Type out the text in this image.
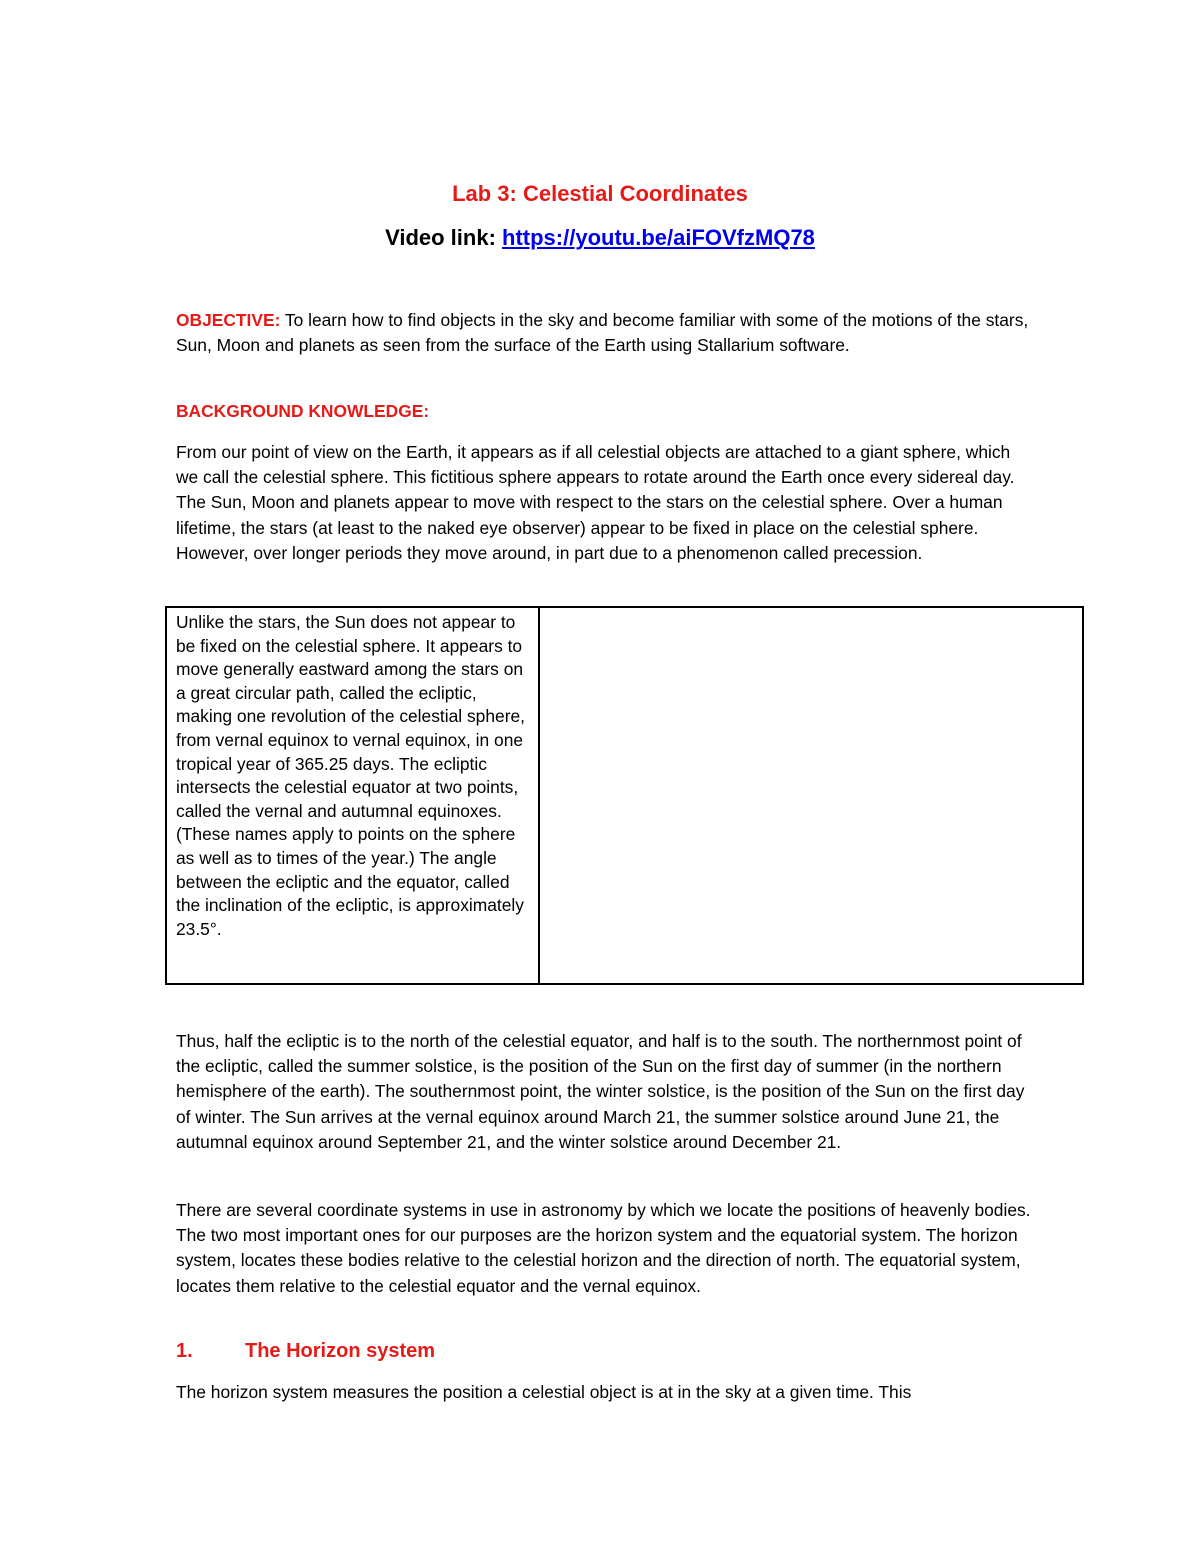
Lab 3: Celestial Coordinates
Video link: https://youtu.be/aiFOVfzMQ78
OBJECTIVE: To learn how to find objects in the sky and become familiar with some of the motions of the stars, Sun, Moon and planets as seen from the surface of the Earth using Stallarium software.
BACKGROUND KNOWLEDGE:
From our point of view on the Earth, it appears as if all celestial objects are attached to a giant sphere, which we call the celestial sphere. This fictitious sphere appears to rotate around the Earth once every sidereal day. The Sun, Moon and planets appear to move with respect to the stars on the celestial sphere. Over a human lifetime, the stars (at least to the naked eye observer) appear to be fixed in place on the celestial sphere. However, over longer periods they move around, in part due to a phenomenon called precession.
Unlike the stars, the Sun does not appear to be fixed on the celestial sphere. It appears to move generally eastward among the stars on a great circular path, called the ecliptic, making one revolution of the celestial sphere, from vernal equinox to vernal equinox, in one tropical year of 365.25 days. The ecliptic intersects the celestial equator at two points, called the vernal and autumnal equinoxes. (These names apply to points on the sphere as well as to times of the year.) The angle between the ecliptic and the equator, called the inclination of the ecliptic, is approximately 23.5°.
Thus, half the ecliptic is to the north of the celestial equator, and half is to the south. The northernmost point of the ecliptic, called the summer solstice, is the position of the Sun on the first day of summer (in the northern hemisphere of the earth). The southernmost point, the winter solstice, is the position of the Sun on the first day of winter. The Sun arrives at the vernal equinox around March 21, the summer solstice around June 21, the autumnal equinox around September 21, and the winter solstice around December 21.
There are several coordinate systems in use in astronomy by which we locate the positions of heavenly bodies. The two most important ones for our purposes are the horizon system and the equatorial system. The horizon system, locates these bodies relative to the celestial horizon and the direction of north. The equatorial system, locates them relative to the celestial equator and the vernal equinox.
1.	The Horizon system
The horizon system measures the position a celestial object is at in the sky at a given time. This
